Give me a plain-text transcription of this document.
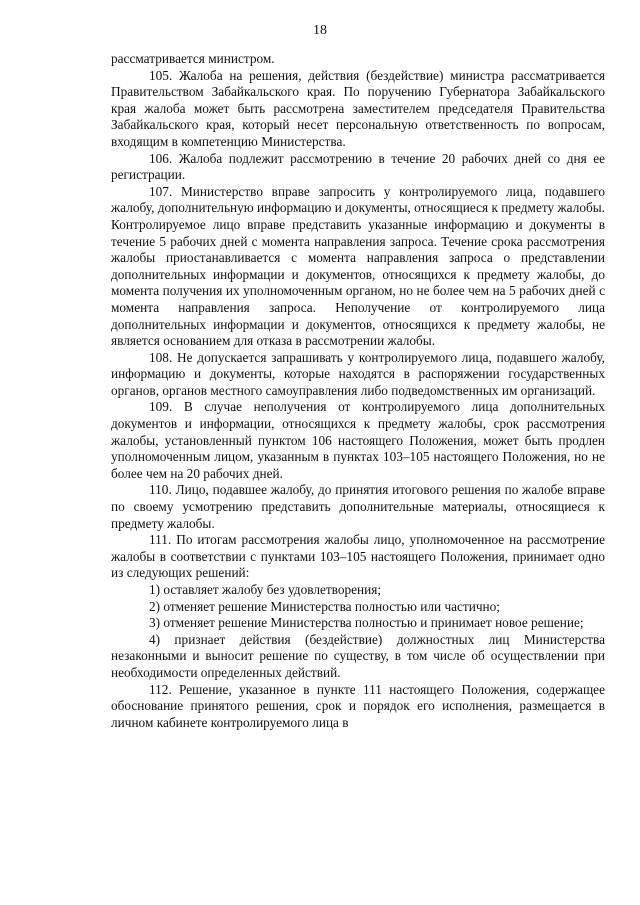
18

рассматривается министром.

105. Жалоба на решения, действия (бездействие) министра рассматривается Правительством Забайкальского края. По поручению Губернатора Забайкальского края жалоба может быть рассмотрена заместителем председателя Правительства Забайкальского края, который несет персональную ответственность по вопросам, входящим в компетенцию Министерства.

106. Жалоба подлежит рассмотрению в течение 20 рабочих дней со дня ее регистрации.

107. Министерство вправе запросить у контролируемого лица, подавшего жалобу, дополнительную информацию и документы, относящиеся к предмету жалобы. Контролируемое лицо вправе представить указанные информацию и документы в течение 5 рабочих дней с момента направления запроса. Течение срока рассмотрения жалобы приостанавливается с момента направления запроса о представлении дополнительных информации и документов, относящихся к предмету жалобы, до момента получения их уполномоченным органом, но не более чем на 5 рабочих дней с момента направления запроса. Неполучение от контролируемого лица дополнительных информации и документов, относящихся к предмету жалобы, не является основанием для отказа в рассмотрении жалобы.

108. Не допускается запрашивать у контролируемого лица, подавшего жалобу, информацию и документы, которые находятся в распоряжении государственных органов, органов местного самоуправления либо подведомственных им организаций.

109. В случае неполучения от контролируемого лица дополнительных документов и информации, относящихся к предмету жалобы, срок рассмотрения жалобы, установленный пунктом 106 настоящего Положения, может быть продлен уполномоченным лицом, указанным в пунктах 103–105 настоящего Положения, но не более чем на 20 рабочих дней.

110. Лицо, подавшее жалобу, до принятия итогового решения по жалобе вправе по своему усмотрению представить дополнительные материалы, относящиеся к предмету жалобы.

111. По итогам рассмотрения жалобы лицо, уполномоченное на рассмотрение жалобы в соответствии с пунктами 103–105 настоящего Положения, принимает одно из следующих решений:

1) оставляет жалобу без удовлетворения;

2) отменяет решение Министерства полностью или частично;

3) отменяет решение Министерства полностью и принимает новое решение;

4) признает действия (бездействие) должностных лиц Министерства незаконными и выносит решение по существу, в том числе об осуществлении при необходимости определенных действий.

112. Решение, указанное в пункте 111 настоящего Положения, содержащее обоснование принятого решения, срок и порядок его исполнения, размещается в личном кабинете контролируемого лица в
